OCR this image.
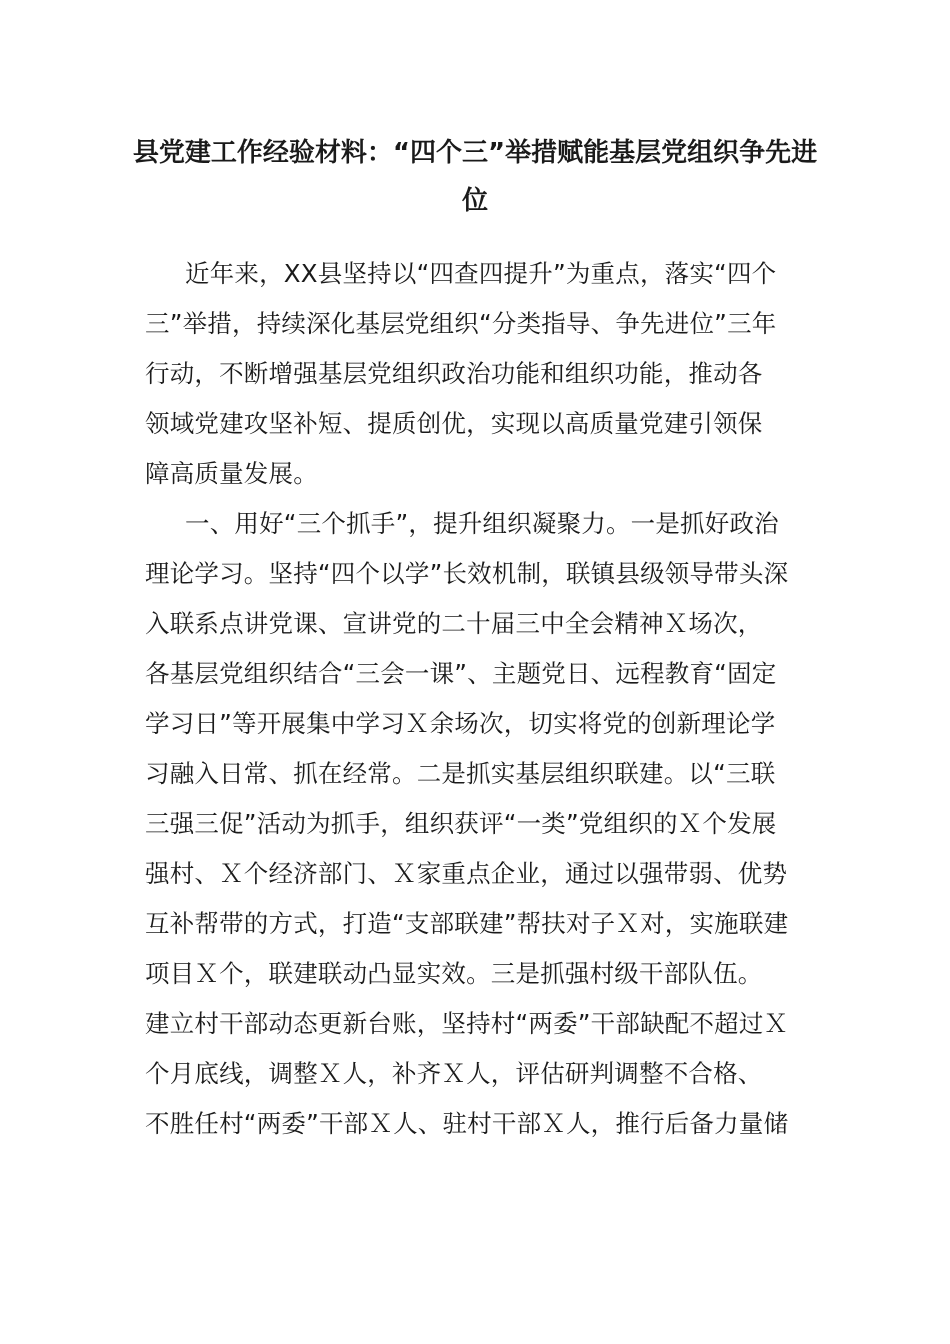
县党建工作经验材料：“四个三”举措赋能基层党组织争先进
位
近年来，XX县坚持以“四查四提升”为重点，落实“四个
三”举措，持续深化基层党组织“分类指导、争先进位”三年
行动，不断增强基层党组织政治功能和组织功能，推动各
领域党建攻坚补短、提质创优，实现以高质量党建引领保
障高质量发展。
一、用好“三个抓手”，提升组织凝聚力。一是抓好政治
理论学习。坚持“四个以学”长效机制，联镇县级领导带头深
入联系点讲党课、宣讲党的二十届三中全会精神Ｘ场次，
各基层党组织结合“三会一课”、主题党日、远程教育“固定
学习日”等开展集中学习Ｘ余场次，切实将党的创新理论学
习融入日常、抓在经常。二是抓实基层组织联建。以“三联
三强三促”活动为抓手，组织获评“一类”党组织的Ｘ个发展
强村、Ｘ个经济部门、Ｘ家重点企业，通过以强带弱、优势
互补帮带的方式，打造“支部联建”帮扶对子Ｘ对，实施联建
项目Ｘ个，联建联动凸显实效。三是抓强村级干部队伍。
建立村干部动态更新台账，坚持村“两委”干部缺配不超过Ｘ
个月底线，调整Ｘ人，补齐Ｘ人，评估研判调整不合格、
不胜任村“两委”干部Ｘ人、驻村干部Ｘ人，推行后备力量储
